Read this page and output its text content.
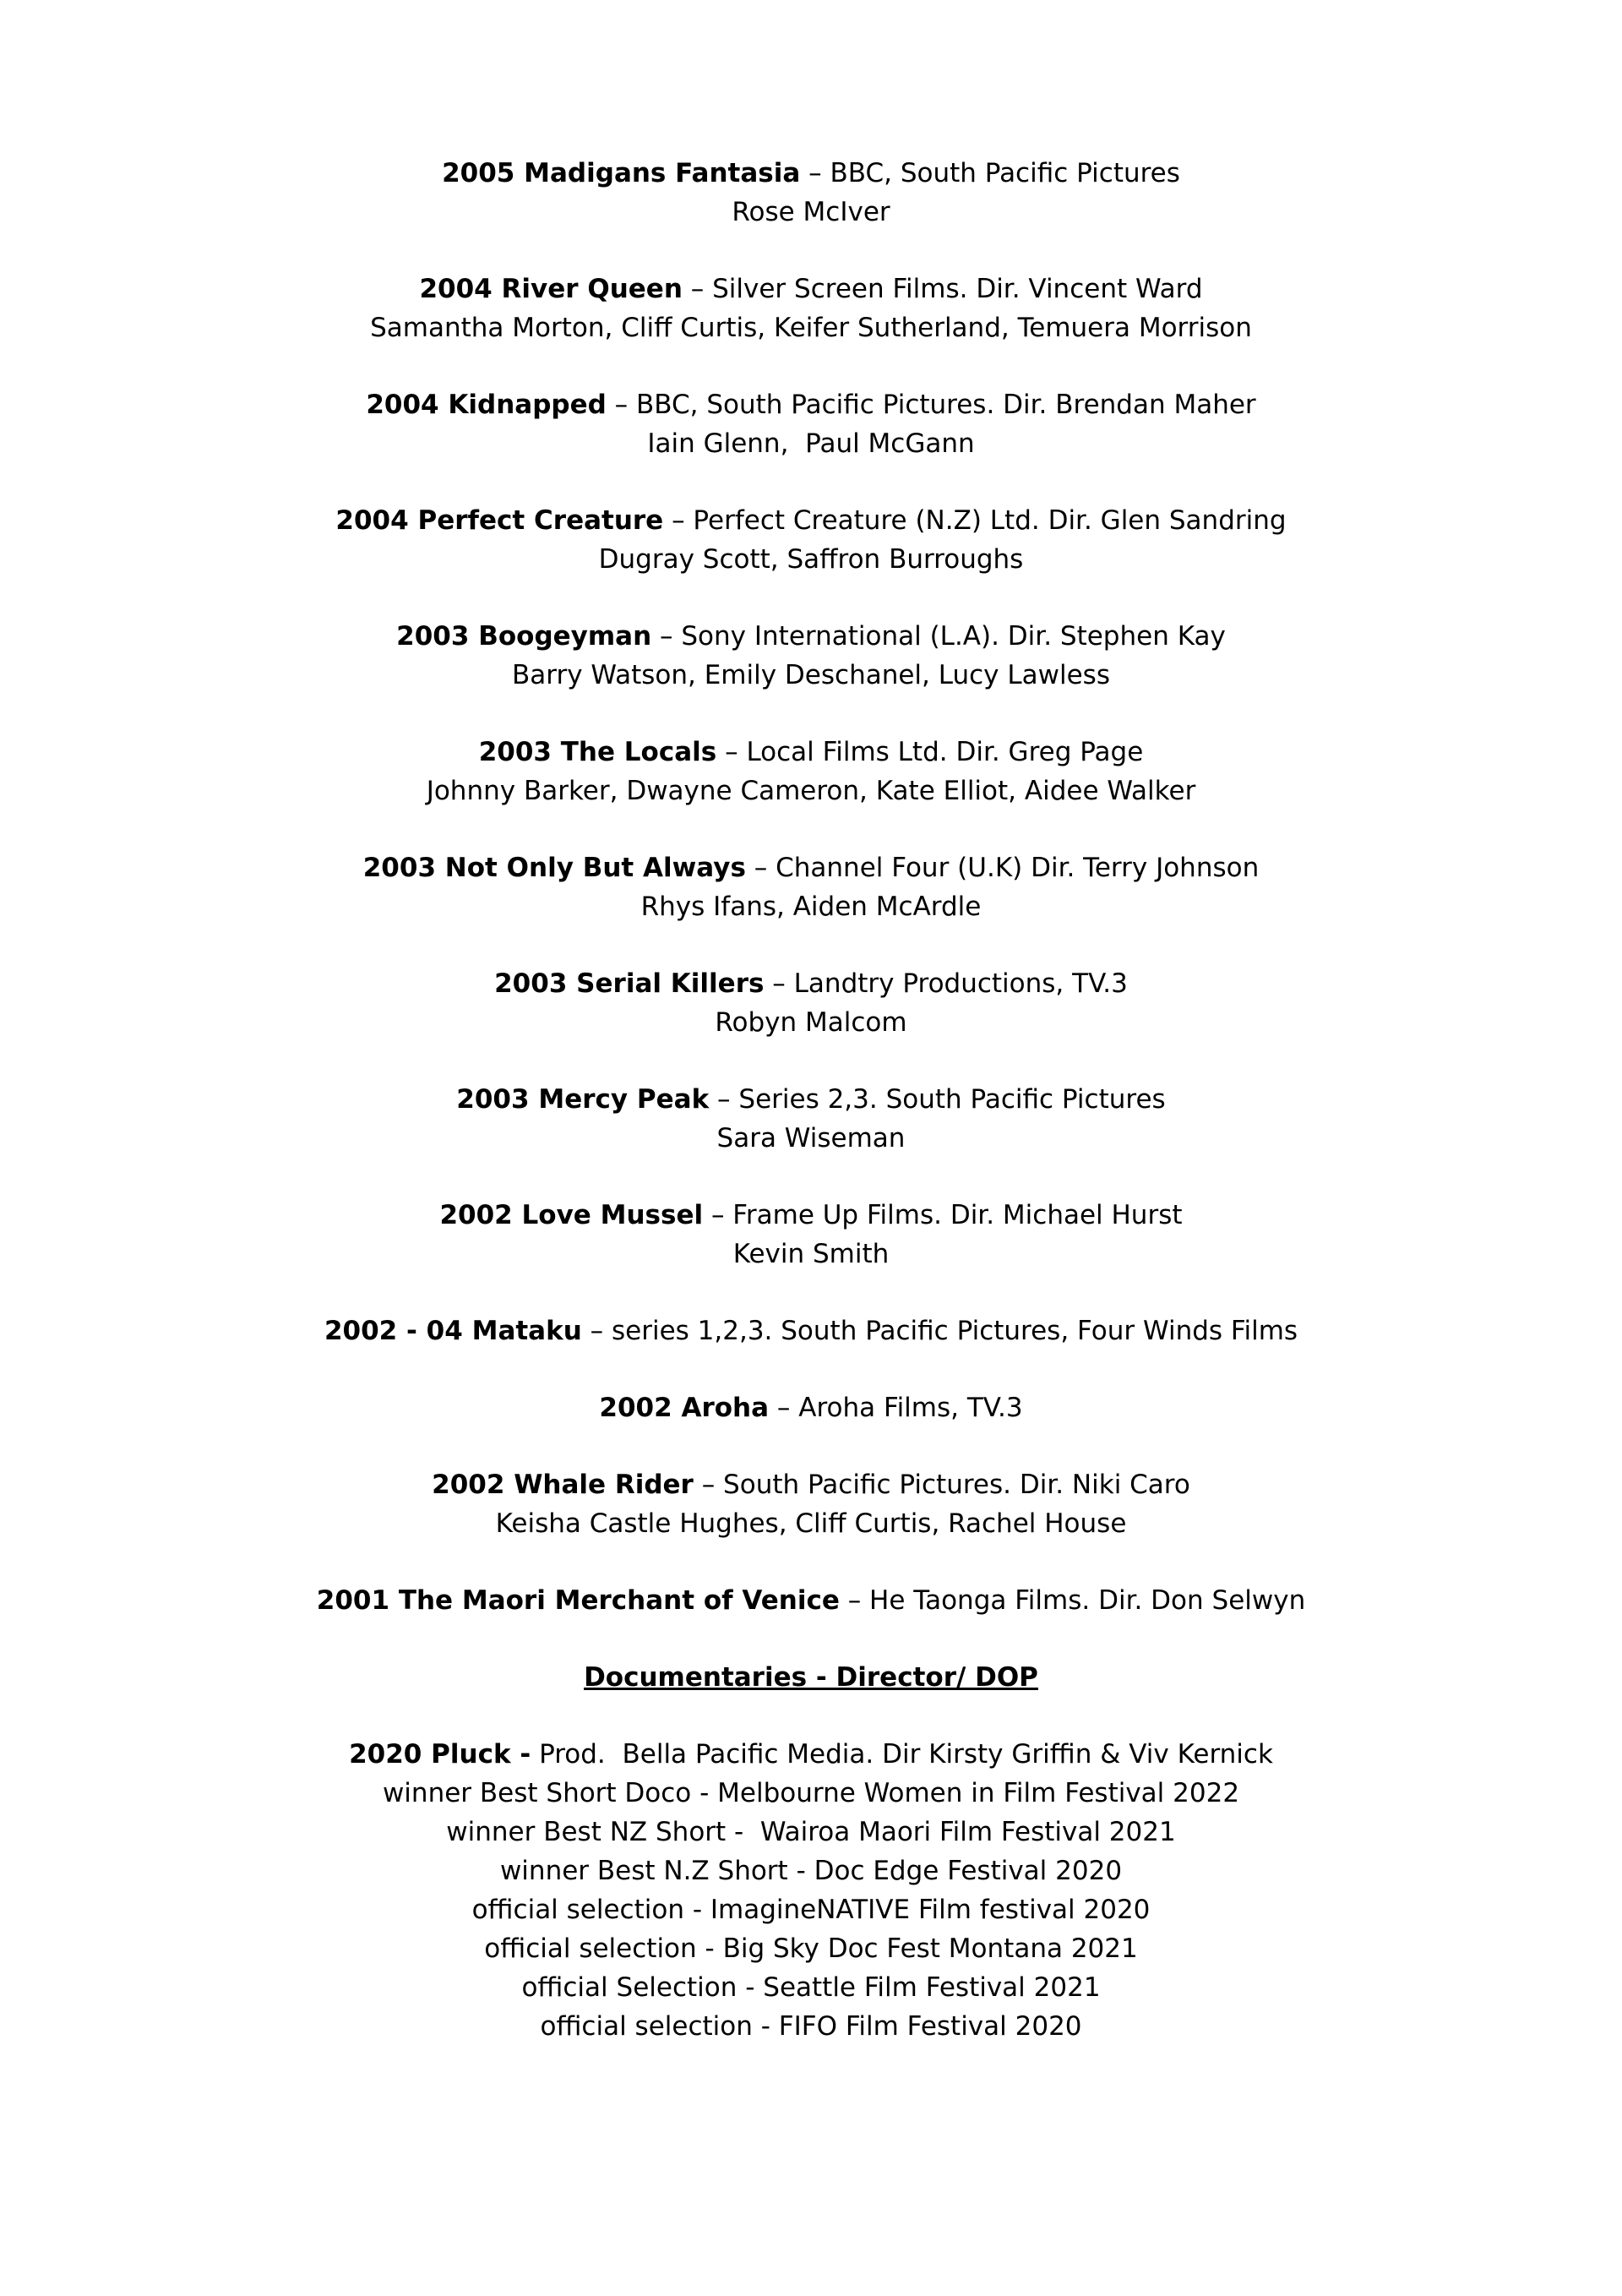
2005 Madigans Fantasia – BBC, South Pacific Pictures
Rose McIver
2004 River Queen – Silver Screen Films. Dir. Vincent Ward
Samantha Morton, Cliff Curtis, Keifer Sutherland, Temuera Morrison
2004 Kidnapped – BBC, South Pacific Pictures. Dir. Brendan Maher
Iain Glenn,  Paul McGann
2004 Perfect Creature – Perfect Creature (N.Z) Ltd. Dir. Glen Sandring
Dugray Scott, Saffron Burroughs
2003 Boogeyman – Sony International (L.A). Dir. Stephen Kay
Barry Watson, Emily Deschanel, Lucy Lawless
2003 The Locals – Local Films Ltd. Dir. Greg Page
Johnny Barker, Dwayne Cameron, Kate Elliot, Aidee Walker
2003 Not Only But Always – Channel Four (U.K) Dir. Terry Johnson
Rhys Ifans, Aiden McArdle
2003 Serial Killers – Landtry Productions, TV.3
Robyn Malcom
2003 Mercy Peak – Series 2,3. South Pacific Pictures
Sara Wiseman
2002 Love Mussel – Frame Up Films. Dir. Michael Hurst
Kevin Smith
2002 - 04 Mataku – series 1,2,3. South Pacific Pictures, Four Winds Films
2002 Aroha – Aroha Films, TV.3
2002 Whale Rider – South Pacific Pictures. Dir. Niki Caro
Keisha Castle Hughes, Cliff Curtis, Rachel House
2001 The Maori Merchant of Venice – He Taonga Films. Dir. Don Selwyn
Documentaries - Director/ DOP
2020 Pluck - Prod.  Bella Pacific Media. Dir Kirsty Griffin & Viv Kernick
winner Best Short Doco - Melbourne Women in Film Festival 2022
winner Best NZ Short -  Wairoa Maori Film Festival 2021
winner Best N.Z Short - Doc Edge Festival 2020
official selection - ImagineNATIVE Film festival 2020
official selection - Big Sky Doc Fest Montana 2021
official Selection - Seattle Film Festival 2021
official selection - FIFO Film Festival 2020
